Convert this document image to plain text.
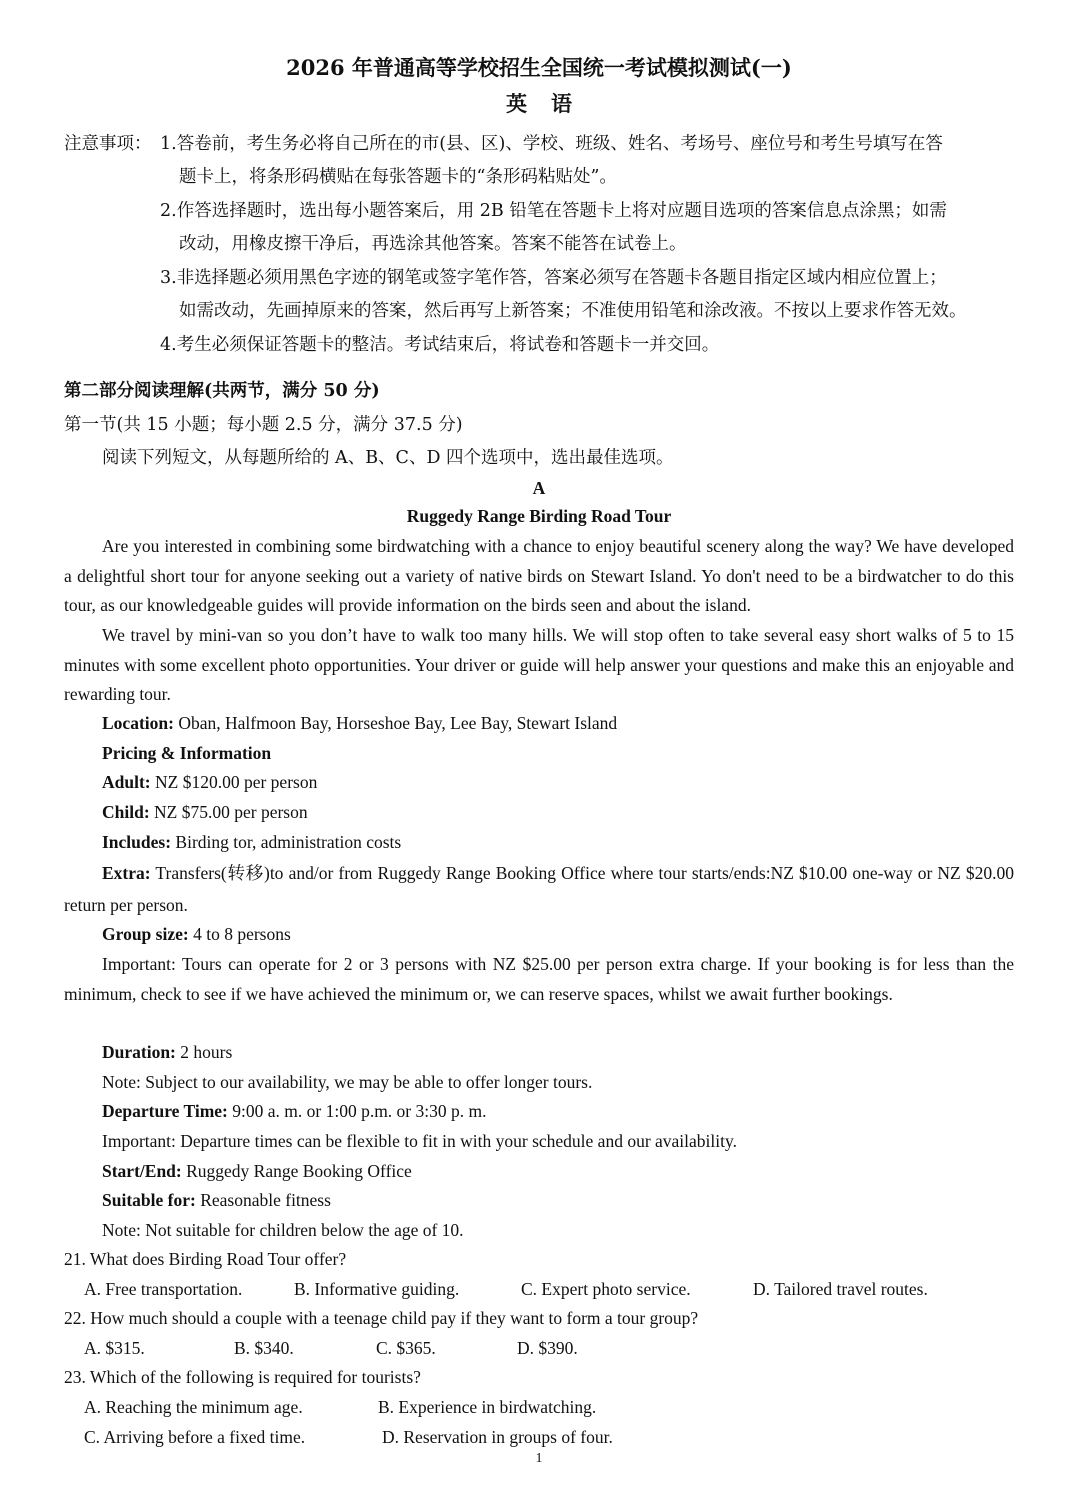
2026 年普通高等学校招生全国统一考试模拟测试(一)
英语
注意事项： 1.答卷前，考生务必将自己所在的市(县、区)、学校、班级、姓名、考场号、座位号和考生号填写在答
题卡上，将条形码横贴在每张答题卡的“条形码粘贴处”。
2.作答选择题时，选出每小题答案后，用 2B 铅笔在答题卡上将对应题目选项的答案信息点涂黑；如需
改动，用橡皮擦干净后，再选涂其他答案。答案不能答在试卷上。
3.非选择题必须用黑色字迹的钢笔或签字笔作答，答案必须写在答题卡各题目指定区域内相应位置上；
如需改动，先画掉原来的答案，然后再写上新答案；不准使用铅笔和涂改液。不按以上要求作答无效。
4.考生必须保证答题卡的整洁。考试结束后，将试卷和答题卡一并交回。
第二部分阅读理解(共两节，满分 50 分)
第一节(共 15 小题；每小题 2.5 分，满分 37.5 分)
阅读下列短文，从每题所给的 A、B、C、D 四个选项中，选出最佳选项。
A
Ruggedy Range Birding Road Tour

Are you interested in combining some birdwatching with a chance to enjoy beautiful scenery along the way? We have developed a delightful short tour for anyone seeking out a variety of native birds on Stewart Island. Yo don't need to be a birdwatcher to do this tour, as our knowledgeable guides will provide information on the birds seen and about the island.

We travel by mini-van so you don’t have to walk too many hills. We will stop often to take several easy short walks of 5 to 15 minutes with some excellent photo opportunities. Your driver or guide will help answer your questions and make this an enjoyable and rewarding tour.

Location: Oban, Halfmoon Bay, Horseshoe Bay, Lee Bay, Stewart Island
Pricing & Information
Adult: NZ $120.00 per person
Child: NZ $75.00 per person
Includes: Birding tor, administration costs

Extra: Transfers(转移)to and/or from Ruggedy Range Booking Office where tour starts/ends:NZ $10.00 one-way or NZ $20.00 return per person.

Group size: 4 to 8 persons

Important: Tours can operate for 2 or 3 persons with NZ $25.00 per person extra charge. If your booking is for less than the minimum, check to see if we have achieved the minimum or, we can reserve spaces, whilst we await further bookings.

Duration: 2 hours
Note: Subject to our availability, we may be able to offer longer tours.
Departure Time: 9:00 a. m. or 1:00 p.m. or 3:30 p. m.
Important: Departure times can be flexible to fit in with your schedule and our availability.
Start/End: Ruggedy Range Booking Office
Suitable for: Reasonable fitness
Note: Not suitable for children below the age of 10.
21. What does Birding Road Tour offer?
A. Free transportation.	B. Informative guiding.	C. Expert photo service.	D. Tailored travel routes.
22. How much should a couple with a teenage child pay if they want to form a tour group?
A. $315.	B. $340.	C. $365.	D. $390.
23. Which of the following is required for tourists?
A. Reaching the minimum age.	B. Experience in birdwatching.
C. Arriving before a fixed time.	D. Reservation in groups of four.
1
